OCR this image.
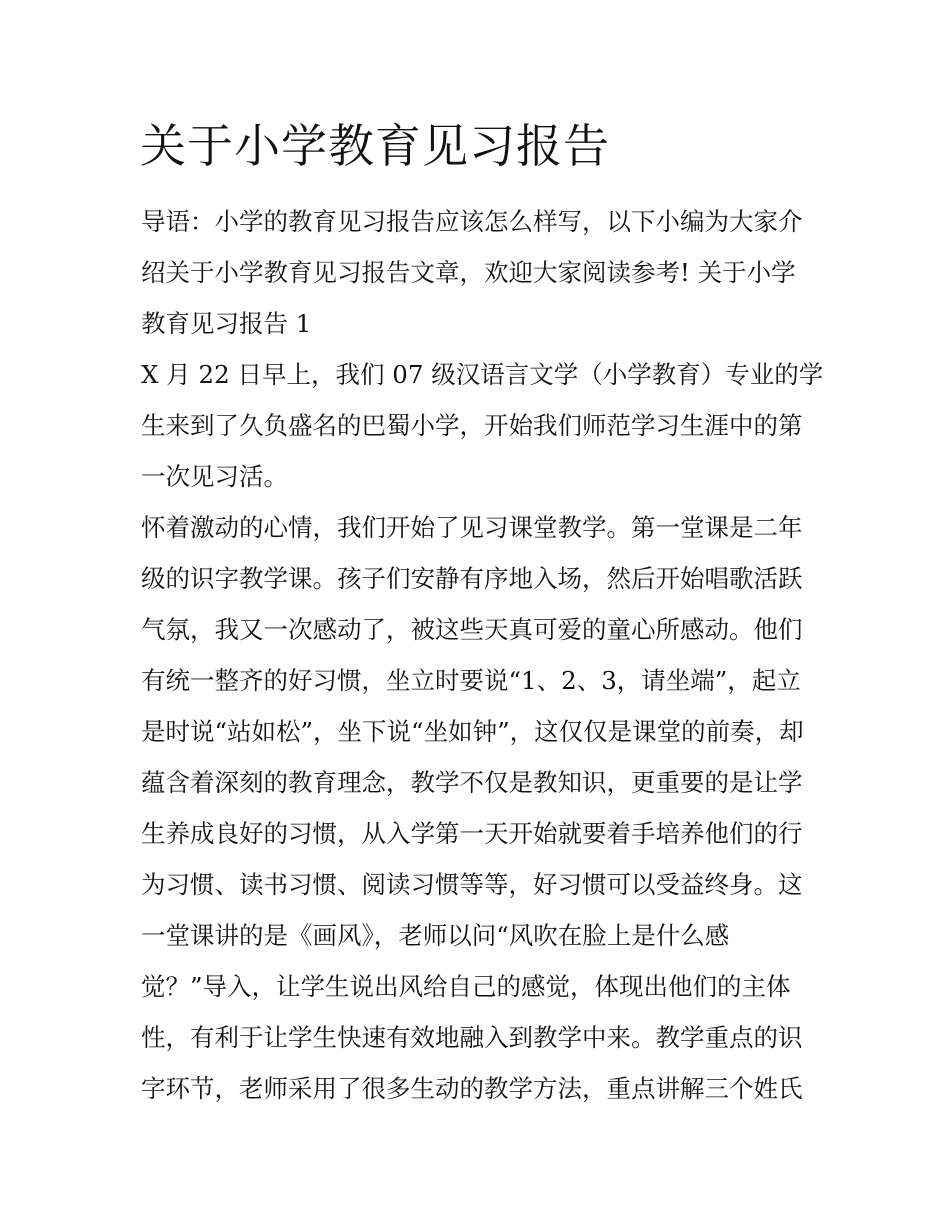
关于小学教育见习报告

导语：小学的教育见习报告应该怎么样写，以下小编为大家介

绍关于小学教育见习报告文章，欢迎大家阅读参考! 关于小学

教育见习报告 1

X 月 22 日早上，我们 07 级汉语言文学（小学教育）专业的学

生来到了久负盛名的巴蜀小学，开始我们师范学习生涯中的第

一次见习活。

怀着激动的心情，我们开始了见习课堂教学。第一堂课是二年

级的识字教学课。孩子们安静有序地入场，然后开始唱歌活跃

气氛，我又一次感动了，被这些天真可爱的童心所感动。他们

有统一整齐的好习惯，坐立时要说“1、2、3，请坐端”，起立

是时说“站如松”，坐下说“坐如钟”，这仅仅是课堂的前奏，却

蕴含着深刻的教育理念，教学不仅是教知识，更重要的是让学

生养成良好的习惯，从入学第一天开始就要着手培养他们的行

为习惯、读书习惯、阅读习惯等等，好习惯可以受益终身。这

一堂课讲的是《画风》，老师以问“风吹在脸上是什么感

觉？”导入，让学生说出风给自己的感觉，体现出他们的主体

性，有利于让学生快速有效地融入到教学中来。教学重点的识

字环节，老师采用了很多生动的教学方法，重点讲解三个姓氏
